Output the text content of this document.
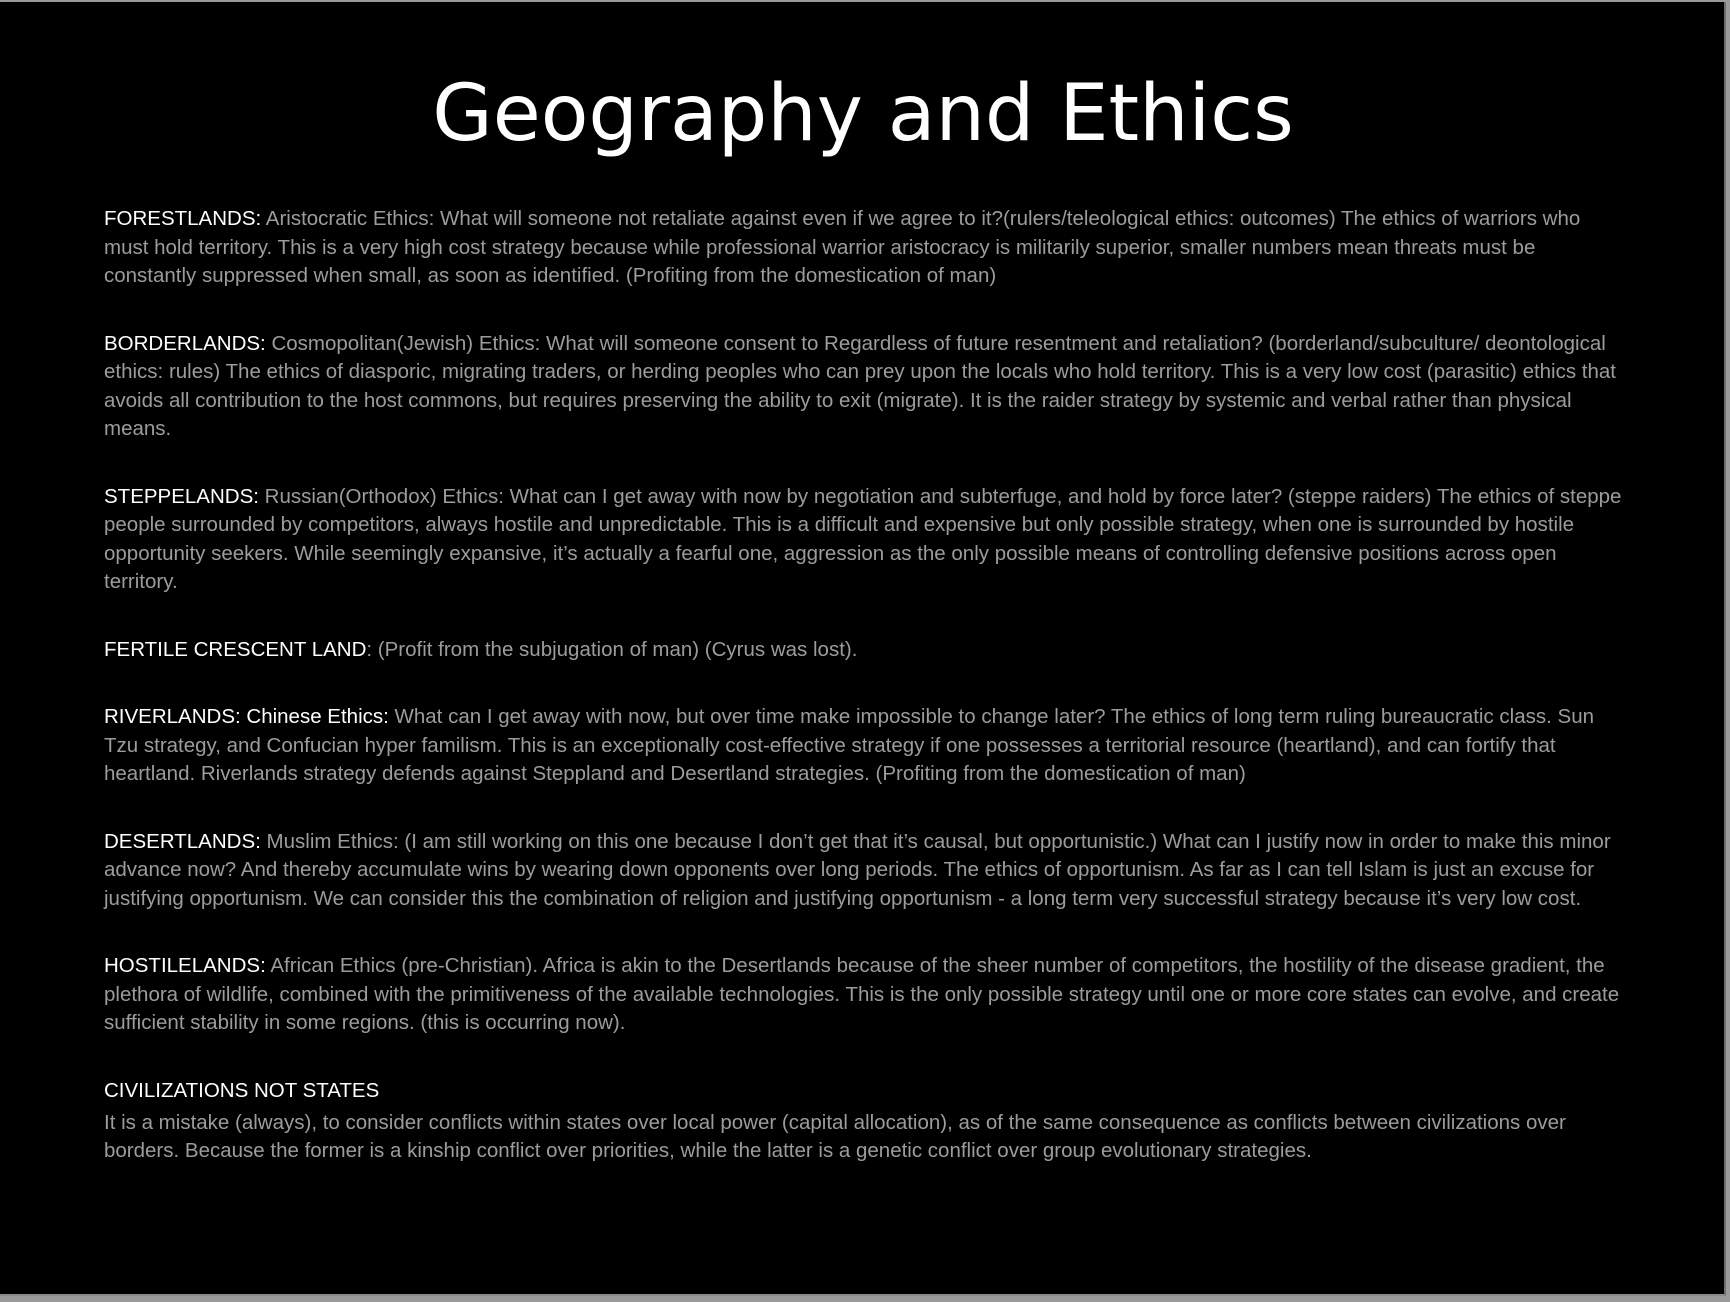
Geography and Ethics

FORESTLANDS: Aristocratic Ethics: What will someone not retaliate against even if we agree to it?(rulers/teleological ethics: outcomes) The ethics of warriors who must hold territory. This is a very high cost strategy because while professional warrior aristocracy is militarily superior, smaller numbers mean threats must be constantly suppressed when small, as soon as identified. (Profiting from the domestication of man)

BORDERLANDS: Cosmopolitan(Jewish) Ethics: What will someone consent to Regardless of future resentment and retaliation? (borderland/subculture/ deontological ethics: rules) The ethics of diasporic, migrating traders, or herding peoples who can prey upon the locals who hold territory. This is a very low cost (parasitic) ethics that avoids all contribution to the host commons, but requires preserving the ability to exit (migrate). It is the raider strategy by systemic and verbal rather than physical means.

STEPPELANDS: Russian(Orthodox) Ethics: What can I get away with now by negotiation and subterfuge, and hold by force later? (steppe raiders) The ethics of steppe people surrounded by competitors, always hostile and unpredictable. This is a difficult and expensive but only possible strategy, when one is surrounded by hostile opportunity seekers. While seemingly expansive, it’s actually a fearful one, aggression as the only possible means of controlling defensive positions across open territory.

FERTILE CRESCENT LAND: (Profit from the subjugation of man) (Cyrus was lost).

RIVERLANDS: Chinese Ethics: What can I get away with now, but over time make impossible to change later? The ethics of long term ruling bureaucratic class. Sun Tzu strategy, and Confucian hyper familism. This is an exceptionally cost-effective strategy if one possesses a territorial resource (heartland), and can fortify that heartland. Riverlands strategy defends against Steppland and Desertland strategies. (Profiting from the domestication of man)

DESERTLANDS: Muslim Ethics: (I am still working on this one because I don’t get that it’s causal, but opportunistic.) What can I justify now in order to make this minor advance now? And thereby accumulate wins by wearing down opponents over long periods. The ethics of opportunism. As far as I can tell Islam is just an excuse for justifying opportunism. We can consider this the combination of religion and justifying opportunism - a long term very successful strategy because it’s very low cost.

HOSTILELANDS: African Ethics (pre-Christian). Africa is akin to the Desertlands because of the sheer number of competitors, the hostility of the disease gradient, the plethora of wildlife, combined with the primitiveness of the available technologies. This is the only possible strategy until one or more core states can evolve, and create sufficient stability in some regions. (this is occurring now).

CIVILIZATIONS NOT STATES

It is a mistake (always), to consider conflicts within states over local power (capital allocation), as of the same consequence as conflicts between civilizations over borders. Because the former is a kinship conflict over priorities, while the latter is a genetic conflict over group evolutionary strategies.
